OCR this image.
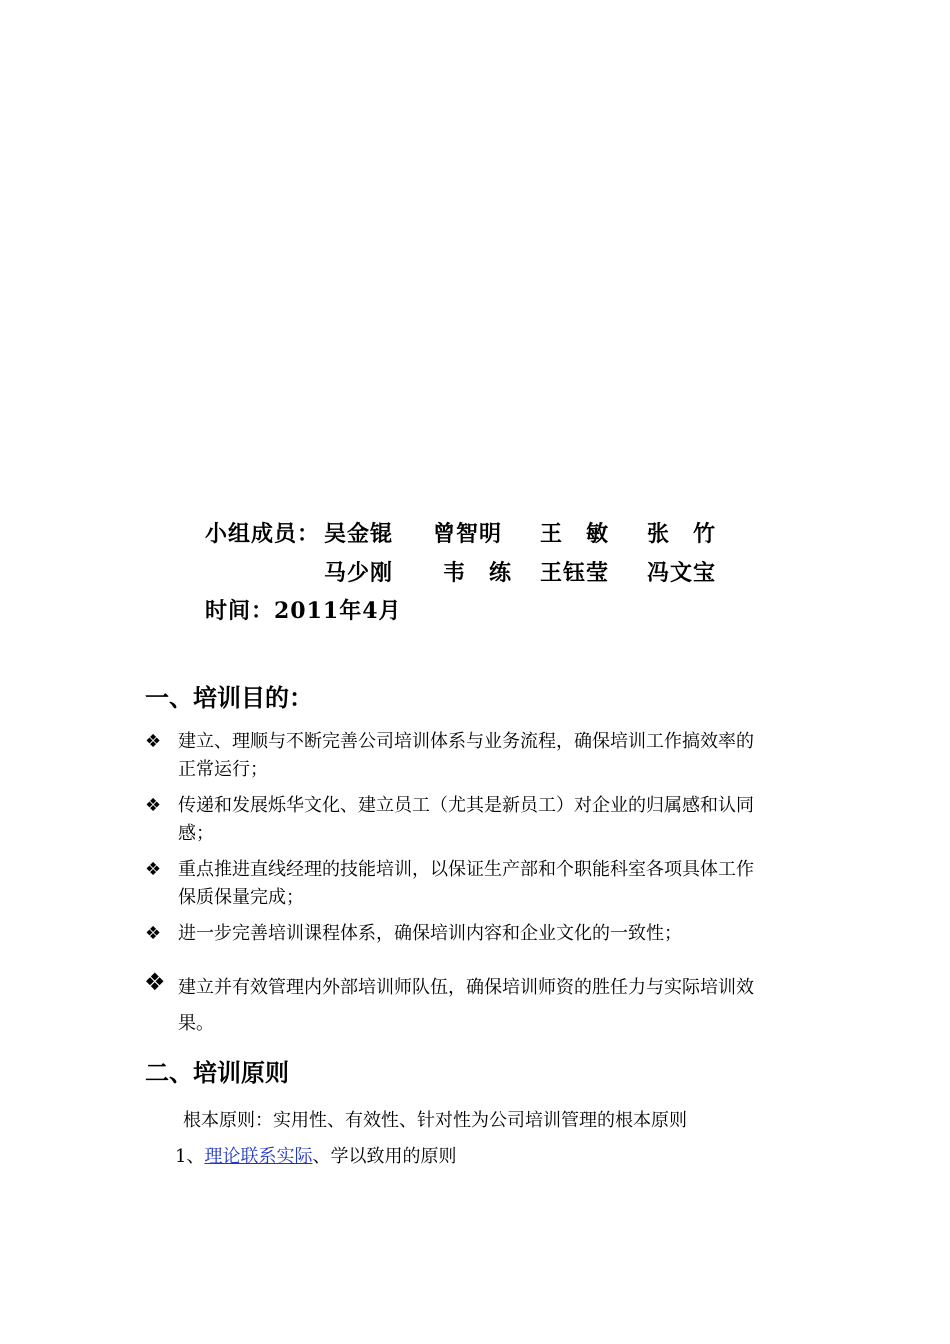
小组成员： 吴金锟 曾智明 王　敏 张　竹
马少刚 韦　练 王钰莹 冯文宝
时间：2011年4月
一、培训目的：
❖ 建立、理顺与不断完善公司培训体系与业务流程，确保培训工作搞效率的
正常运行；
❖ 传递和发展烁华文化、建立员工（尤其是新员工）对企业的归属感和认同
感；
❖ 重点推进直线经理的技能培训，以保证生产部和个职能科室各项具体工作
保质保量完成；
❖ 进一步完善培训课程体系，确保培训内容和企业文化的一致性；
❖ 建立并有效管理内外部培训师队伍，确保培训师资的胜任力与实际培训效
果。
二、培训原则
根本原则：实用性、有效性、针对性为公司培训管理的根本原则
1、理论联系实际、学以致用的原则
